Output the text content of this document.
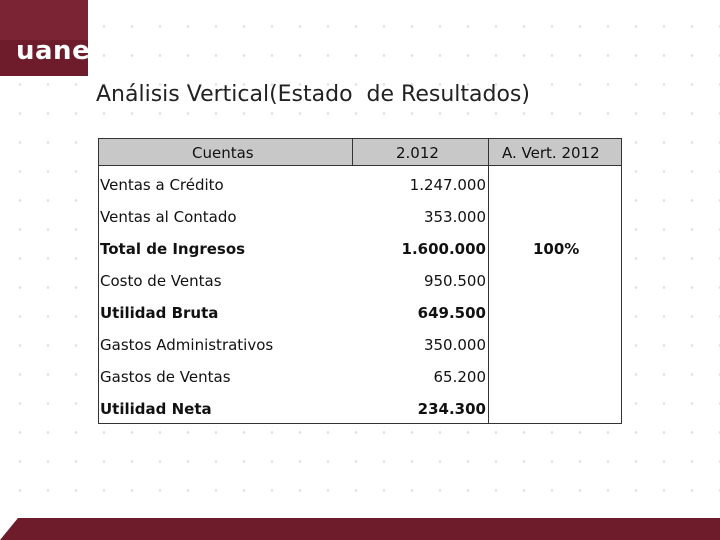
uane
Análisis Vertical(Estado  de Resultados)
Cuentas	2.012	A. Vert. 2012
Ventas a Crédito	1.247.000
Ventas al Contado	353.000
Total de Ingresos	1.600.000	100%
Costo de Ventas	950.500
Utilidad Bruta	649.500
Gastos Administrativos	350.000
Gastos de Ventas	65.200
Utilidad Neta	234.300
